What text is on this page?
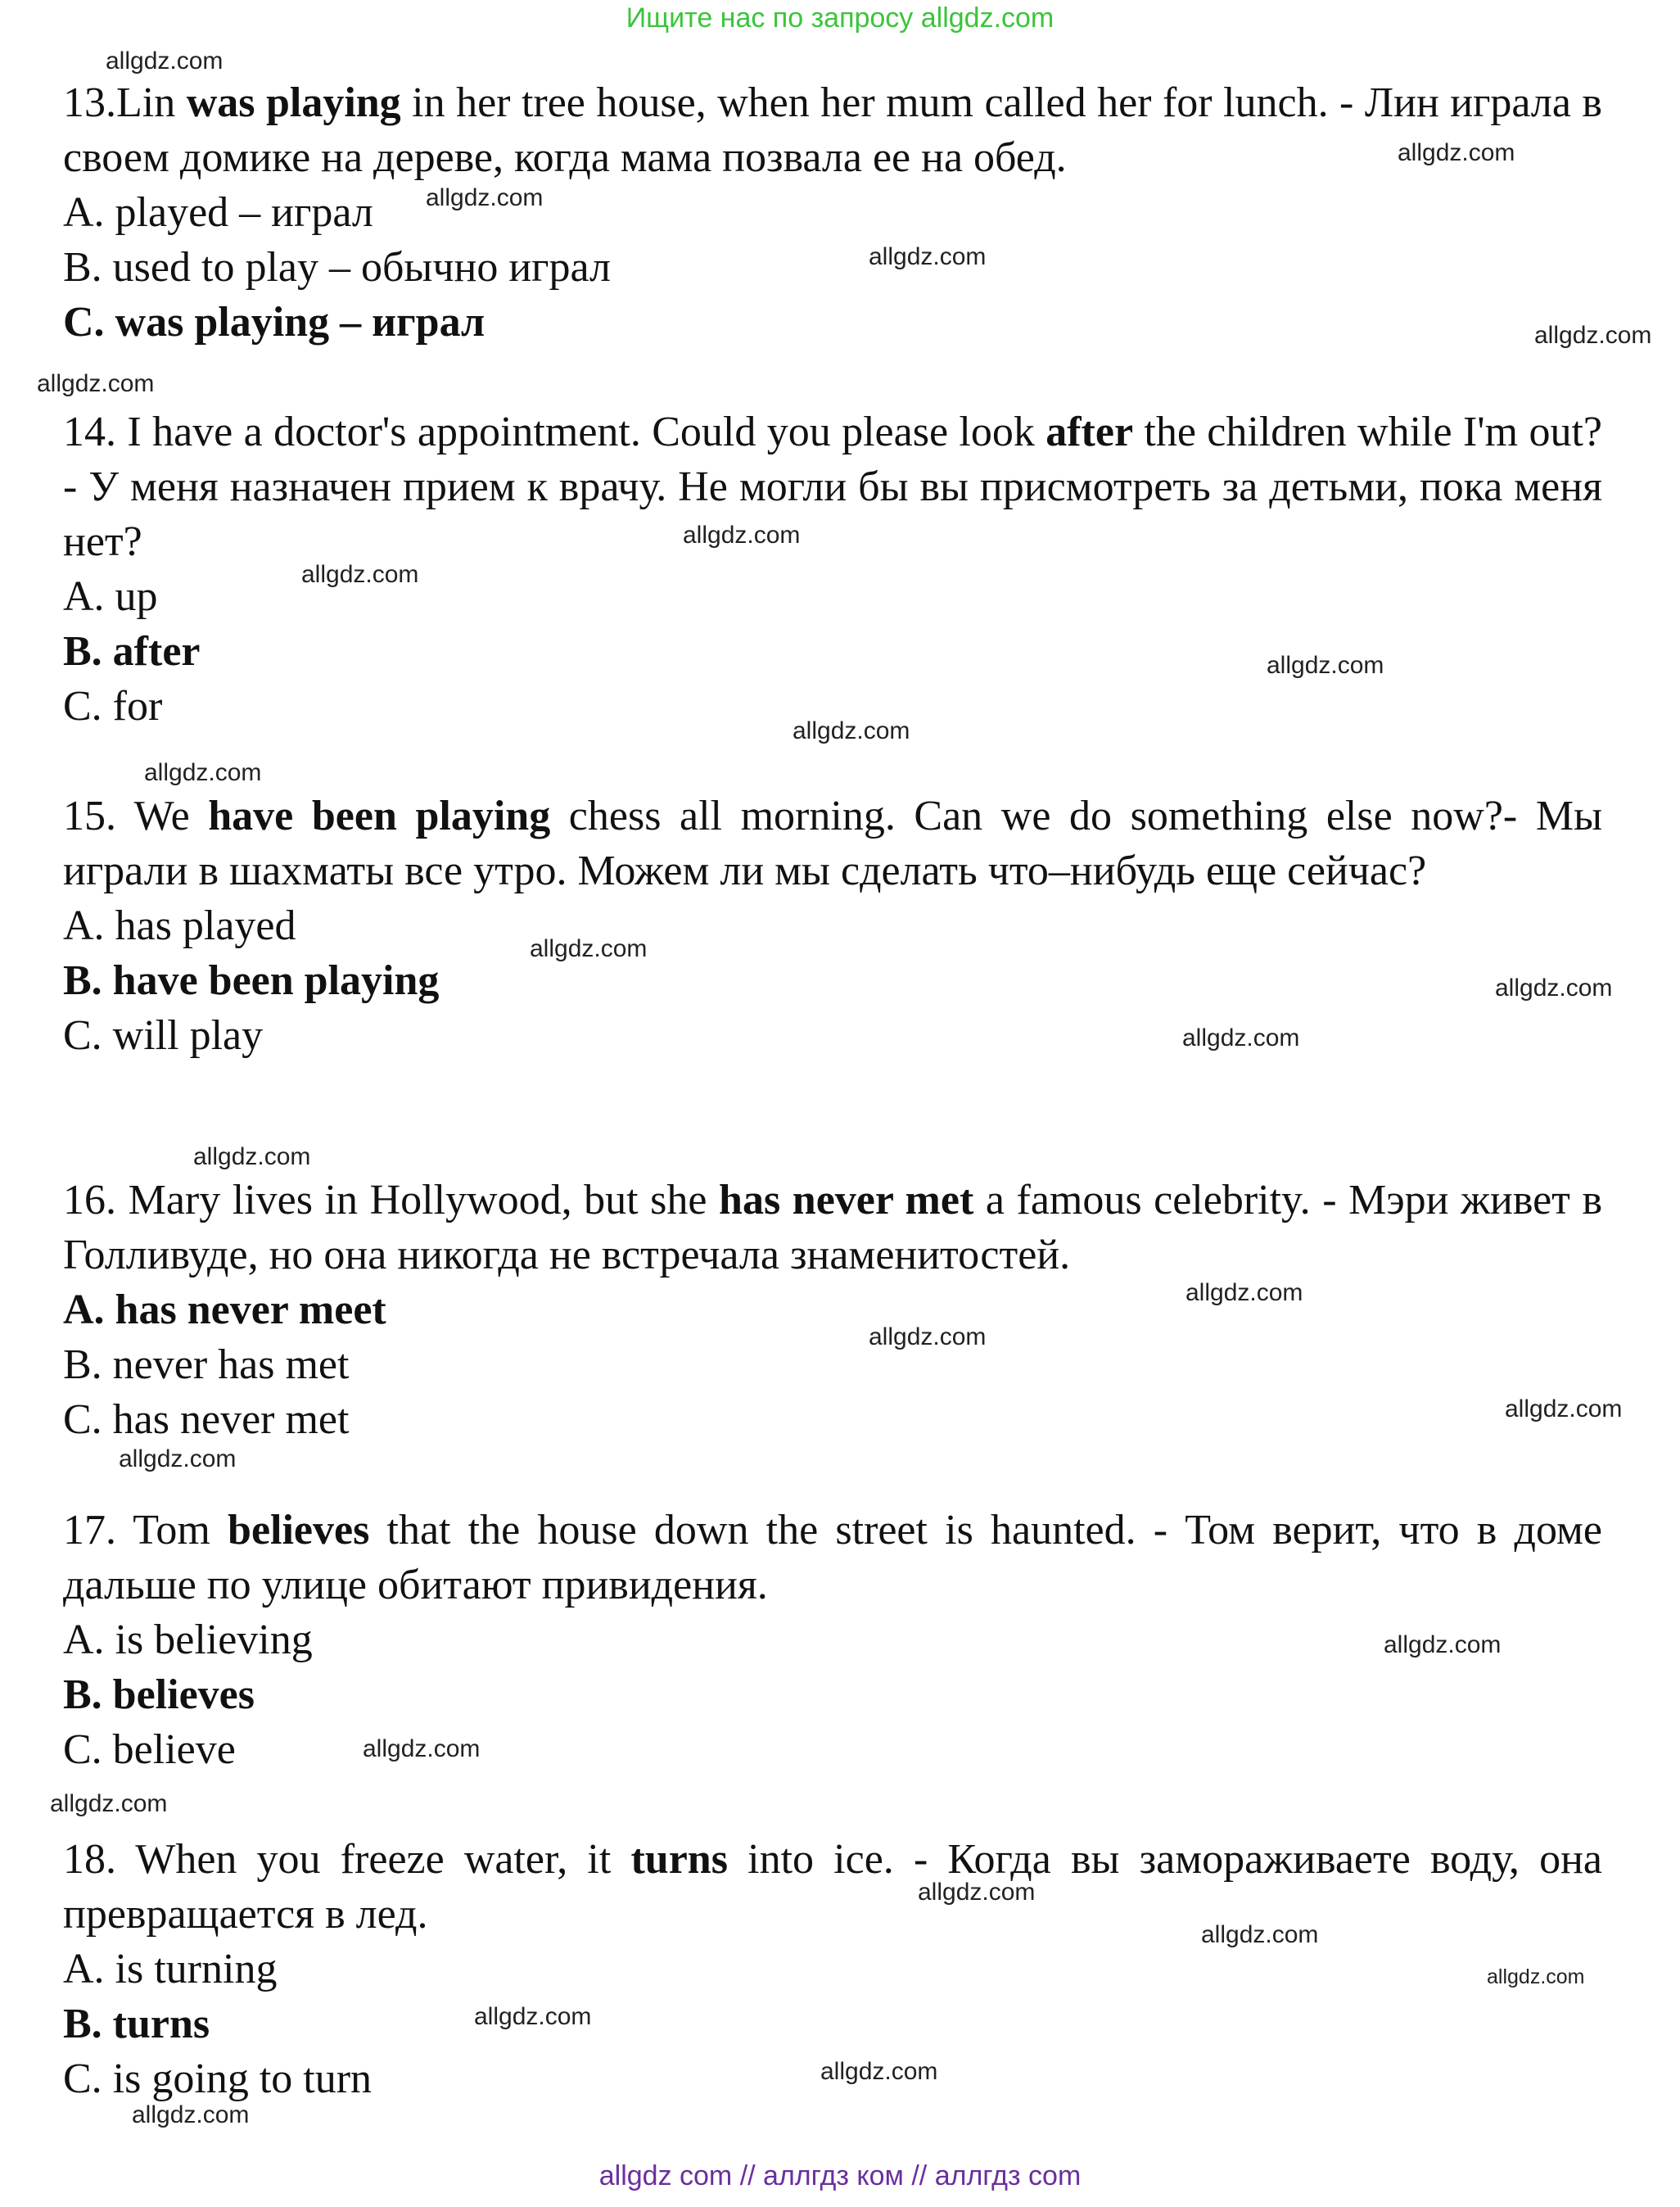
Ищите нас по запросу allgdz.com
allgdz.com
allgdz.com
allgdz.com
allgdz.com
allgdz.com
allgdz.com
allgdz.com
allgdz.com
allgdz.com
allgdz.com
allgdz.com
allgdz.com
allgdz.com
allgdz.com
allgdz.com
allgdz.com
allgdz.com
allgdz.com
allgdz.com
allgdz.com
allgdz.com
allgdz.com
allgdz.com
allgdz.com
allgdz.com
allgdz.com
allgdz.com
allgdz.com

13.Lin was playing in her tree house, when her mum called her for lunch. - Лин играла в своем домике на дереве, когда мама позвала ее на обед.

A. played – играл

B. used to play – обычно играл

C. was playing – играл

14. I have a doctor's appointment. Could you please look after the children while I'm out? - У меня назначен прием к врачу. Не могли бы вы присмотреть за детьми, пока меня нет?

A. up

B. after

C. for

15. We have been playing chess all morning. Can we do something else now?- Мы играли в шахматы все утро. Можем ли мы сделать что–нибудь еще сейчас?

A. has played

B. have been playing

C. will play

16. Mary lives in Hollywood, but she has never met a famous celebrity. - Мэри живет в Голливуде, но она никогда не встречала знаменитостей.

A. has never meet

B. never has met

C. has never met

17. Tom believes that the house down the street is haunted. - Том верит, что в доме дальше по улице обитают привидения.

A. is believing

B. believes

C. believe

18. When you freeze water, it turns into ice. - Когда вы замораживаете воду, она превращается в лед.

A. is turning

B. turns

C. is going to turn

allgdz com // аллгдз ком // аллгдз com
